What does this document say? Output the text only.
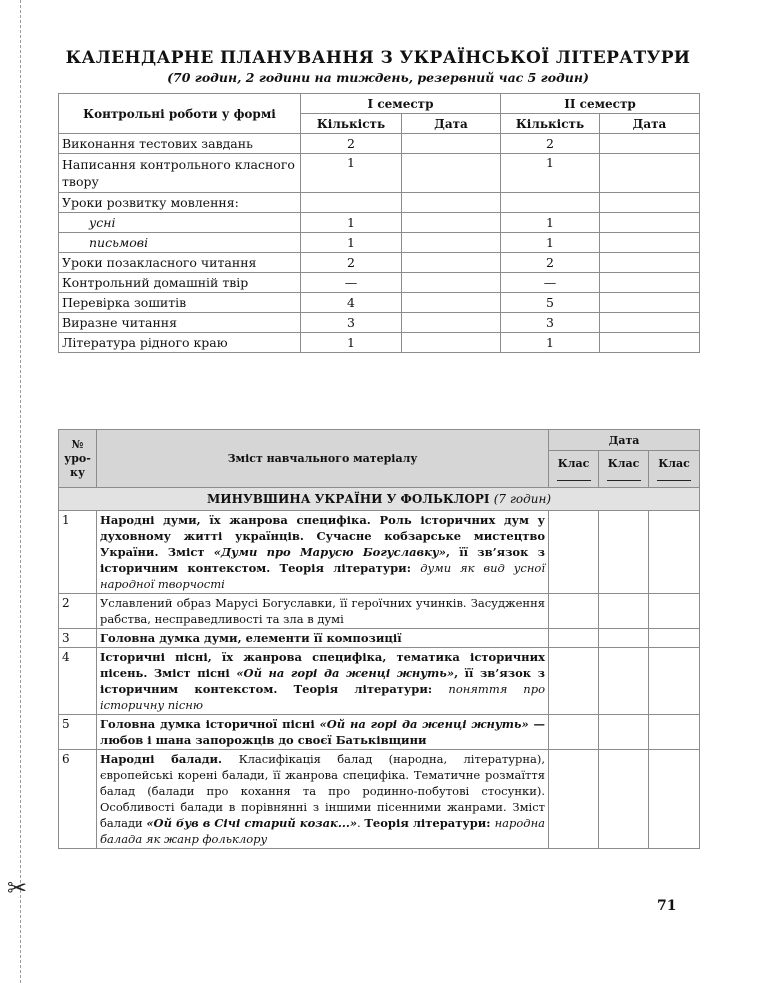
✂
КАЛЕНДАРНЕ ПЛАНУВАННЯ З УКРАЇНСЬКОЇ ЛІТЕРАТУРИ
(70 годин, 2 години на тиждень, резервний час 5 годин)
Контрольні роботи у формі	І семестр		ІІ семестр	
	Кількість	Дата	Кількість	Дата
Виконання тестових завдань	2		2	
Написання контрольного класного твору	1		1	
Уроки розвитку мовлення:				
усні	1		1	
письмові	1		1	
Уроки позакласного читання	2		2	
Контрольний домашній твір	—		—	
Перевірка зошитів	4		5	
Виразне читання	3		3	
Література рідного краю	1		1	
№ уро-ку	Зміст навчального матеріалу	Дата		
		Клас	Клас	Клас

МИНУВШИНА УКРАЇНИ У ФОЛЬКЛОРІ (7 годин)				
1	Народні думи, їх жанрова специфіка. Роль історичних дум у духовному житті українців. Сучасне кобзарське мистецтво України. Зміст «Думи про Марусю Богуславку», її зв’язок з історичним контекстом. Теорія літератури: думи як вид усної народної творчості			
2	Уславлений образ Марусі Богуславки, її героїчних учинків. Засудження рабства, несправедливості та зла в думі			
3	Головна думка думи, елементи її композиції			
4	Історичні пісні, їх жанрова специфіка, тематика історичних пісень. Зміст пісні «Ой на горі да женці жнуть», її зв’язок з історичним контекстом. Теорія літератури: поняття про історичну пісню			
5	Головна думка історичної пісні «Ой на горі да женці жнуть» — любов і шана запорожців до своєї Батьківщини			
6	Народні балади. Класифікація балад (народна, літературна), європейські корені балади, її жанрова специфіка. Тематичне розмаїття балад (балади про кохання та про родинно-побутові стосунки). Особливості балади в порівнянні з іншими пісенними жанрами. Зміст балади «Ой був в Січі старий козак...». Теорія літератури: народна балада як жанр фольклору			
71
